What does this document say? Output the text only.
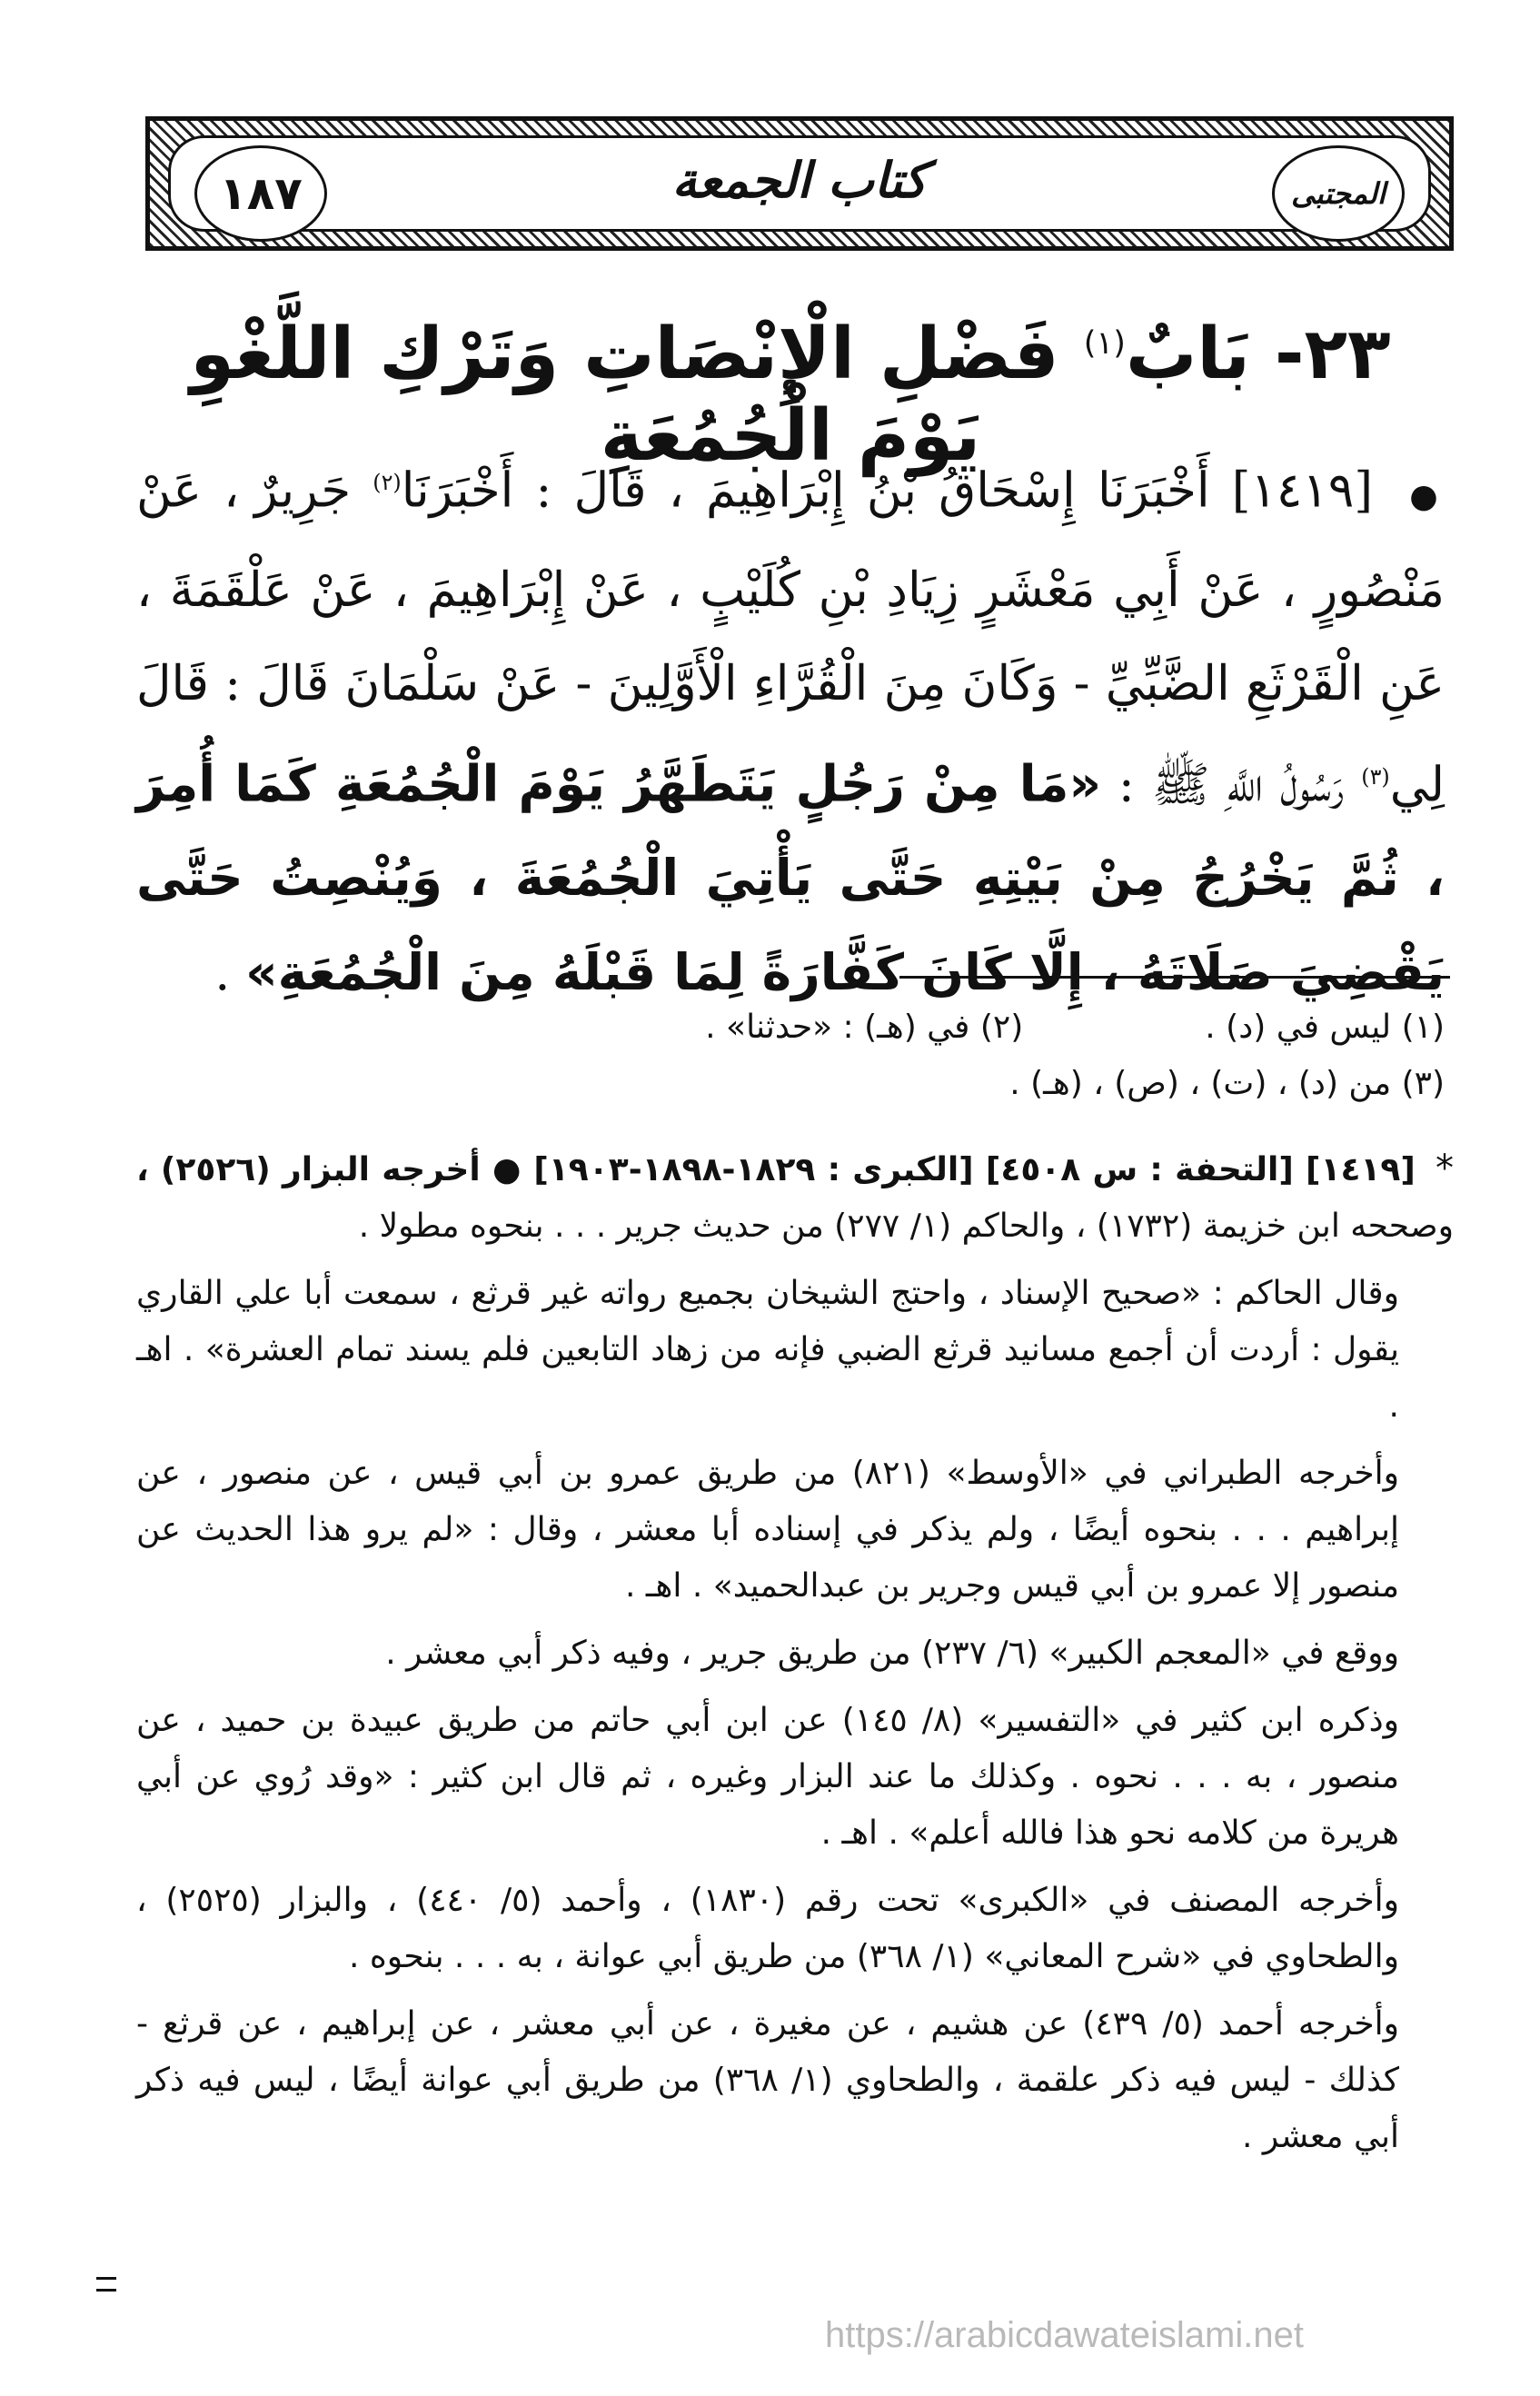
١٨٧	كتاب الجمعة	المجتبى
٢٣- بَابٌ$^{(١)}$ فَضْلِ الْإِنْصَاتِ وَتَرْكِ اللَّغْوِ يَوْمَ الْجُمُعَةِ
● [١٤١٩] أَخْبَرَنَا إِسْحَاقُ بْنُ إِبْرَاهِيمَ ، قَالَ : أَخْبَرَنَا$^{(٢)}$ جَرِيرٌ ، عَنْ مَنْصُورٍ ، عَنْ أَبِي مَعْشَرٍ زِيَادِ بْنِ كُلَيْبٍ ، عَنْ إِبْرَاهِيمَ ، عَنْ عَلْقَمَةَ ، عَنِ الْقَرْثَعِ الضَّبِّيِّ - وَكَانَ مِنَ الْقُرَّاءِ الْأَوَّلِينَ - عَنْ سَلْمَانَ قَالَ : قَالَ لِي$^{(٣)}$ رَسُولُ اللَّهِ ﷺ : «مَا مِنْ رَجُلٍ يَتَطَهَّرُ يَوْمَ الْجُمُعَةِ كَمَا أُمِرَ ، ثُمَّ يَخْرُجُ مِنْ بَيْتِهِ حَتَّى يَأْتِيَ الْجُمُعَةَ ، وَيُنْصِتُ حَتَّى يَقْضِيَ صَلَاتَهُ ، إِلَّا كَانَ كَفَّارَةً لِمَا قَبْلَهُ مِنَ الْجُمُعَةِ» .
(١) ليس في (د) .
(٢) في (هـ) : «حدثنا» .
(٣) من (د) ، (ت) ، (ص) ، (هـ) .

* [١٤١٩] [التحفة : س ٤٥٠٨] [الكبرى : ١٨٢٩-١٨٩٨-١٩٠٣] ● أخرجه البزار (٢٥٢٦) ، وصححه ابن خزيمة (١٧٣٢) ، والحاكم (١/ ٢٧٧) من حديث جرير . . . بنحوه مطولا .

وقال الحاكم : «صحيح الإسناد ، واحتج الشيخان بجميع رواته غير قرثع ، سمعت أبا علي القاري يقول : أردت أن أجمع مسانيد قرثع الضبي فإنه من زهاد التابعين فلم يسند تمام العشرة» . اهـ .

وأخرجه الطبراني في «الأوسط» (٨٢١) من طريق عمرو بن أبي قيس ، عن منصور ، عن إبراهيم . . . بنحوه أيضًا ، ولم يذكر في إسناده أبا معشر ، وقال : «لم يرو هذا الحديث عن منصور إلا عمرو بن أبي قيس وجرير بن عبدالحميد» . اهـ .

ووقع في «المعجم الكبير» (٦/ ٢٣٧) من طريق جرير ، وفيه ذكر أبي معشر .

وذكره ابن كثير في «التفسير» (٨/ ١٤٥) عن ابن أبي حاتم من طريق عبيدة بن حميد ، عن منصور ، به . . . نحوه . وكذلك ما عند البزار وغيره ، ثم قال ابن كثير : «وقد رُوي عن أبي هريرة من كلامه نحو هذا فالله أعلم» . اهـ .

وأخرجه المصنف في «الكبرى» تحت رقم (١٨٣٠) ، وأحمد (٥/ ٤٤٠) ، والبزار (٢٥٢٥) ، والطحاوي في «شرح المعاني» (١/ ٣٦٨) من طريق أبي عوانة ، به . . . بنحوه .

وأخرجه أحمد (٥/ ٤٣٩) عن هشيم ، عن مغيرة ، عن أبي معشر ، عن إبراهيم ، عن قرثع - كذلك - ليس فيه ذكر علقمة ، والطحاوي (١/ ٣٦٨) من طريق أبي عوانة أيضًا ، ليس فيه ذكر أبي معشر .

https://arabicdawateislami.net
